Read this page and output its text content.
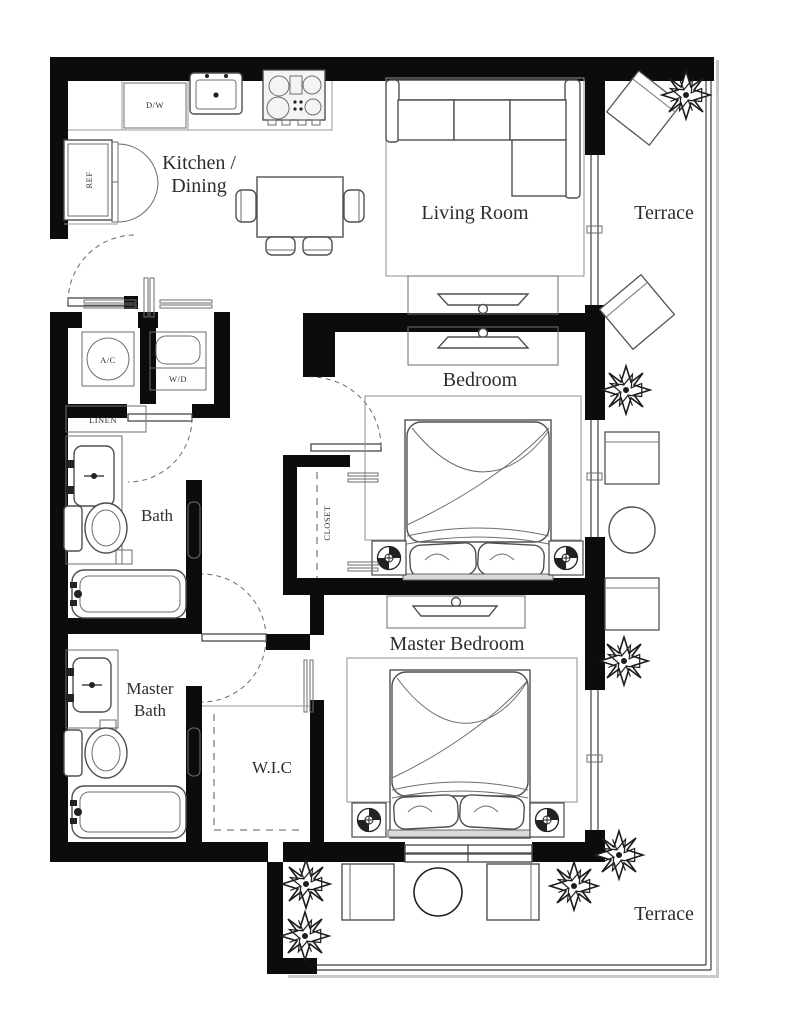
D/W
REF
Kitchen /
Dining
Living Room
Bedroom
CLOSET
A/C
W/D
LINEN
Bath
Master
Bath
W.I.C
Master Bedroom
Terrace
Terrace
